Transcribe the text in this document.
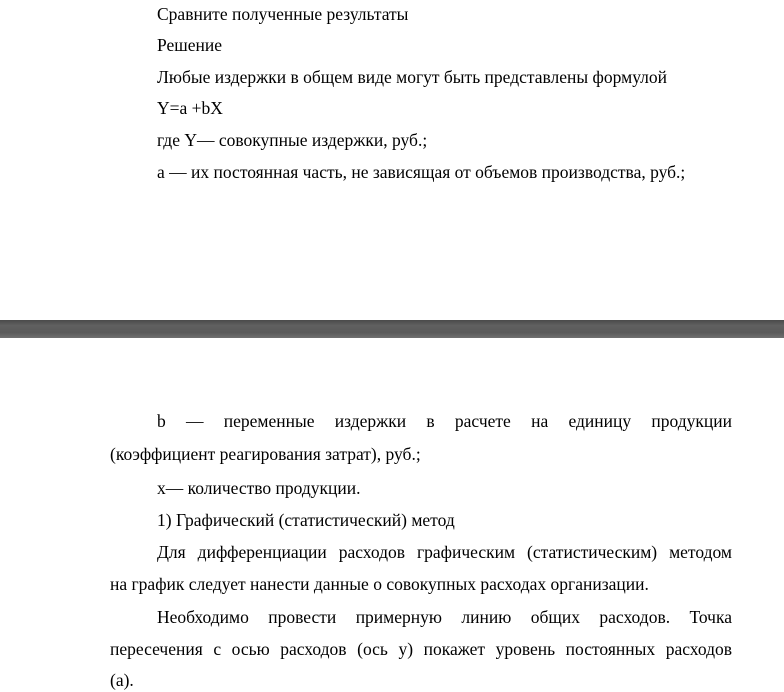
Сравните полученные результаты
Решение
Любые издержки в общем виде могут быть представлены формулой
Y=a +bX
где Y— совокупные издержки, руб.;
а — их постоянная часть, не зависящая от объемов производства, руб.;
b — переменные издержки в расчете на единицу продукции
(коэффициент реагирования затрат), руб.;
x— количество продукции.
1) Графический (статистический) метод
Для дифференциации расходов графическим (статистическим) методом
на график следует нанести данные о совокупных расходах организации.
Необходимо провести примерную линию общих расходов. Точка
пересечения с осью расходов (ось у) покажет уровень постоянных расходов
(а).
